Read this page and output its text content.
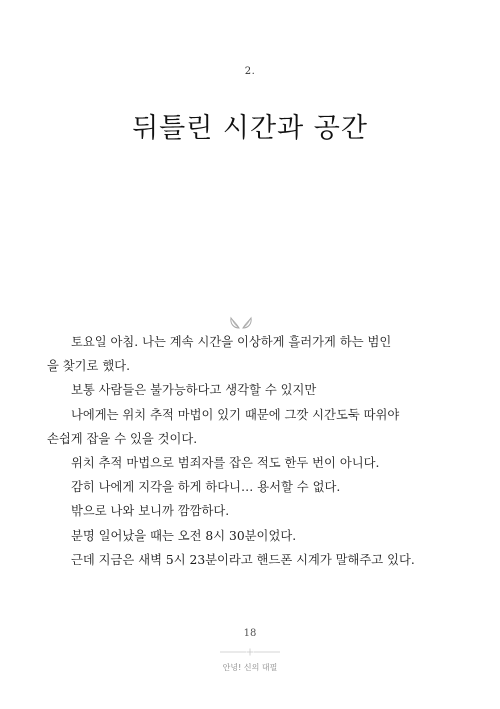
2.
뒤틀린 시간과 공간

토요일 아침. 나는 계속 시간을 이상하게 흘러가게 하는 범인
을 찾기로 했다.

보통 사람들은 불가능하다고 생각할 수 있지만

나에게는 위치 추적 마법이 있기 때문에 그깟 시간도둑 따위야
손쉽게 잡을 수 있을 것이다.

위치 추적 마법으로 범죄자를 잡은 적도 한두 번이 아니다.

감히 나에게 지각을 하게 하다니… 용서할 수 없다.

밖으로 나와 보니까 깜깜하다.

분명 일어났을 때는 오전 8시 30분이었다.

근데 지금은 새벽 5시 23분이라고 핸드폰 시계가 말해주고 있다.

18
안녕! 신의 대필
